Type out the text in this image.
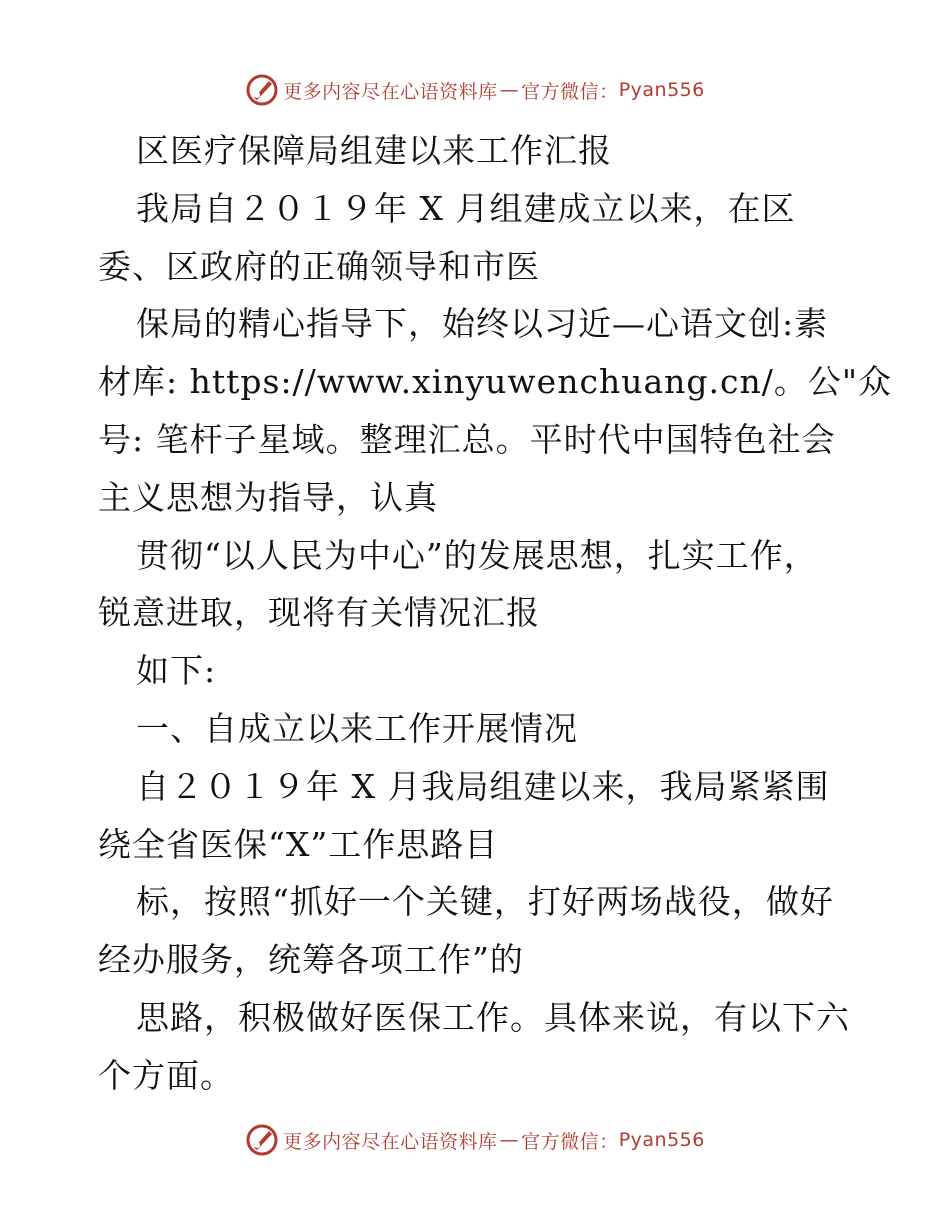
更多内容尽在心语资料库 — 官方微信： Pyan556
区医疗保障局组建以来工作汇报
我局自２０１９年 X 月组建成立以来，在区
委、区政府的正确领导和市医
保局的精心指导下，始终以习近—心语文创:素
材库: https://www.xinyuwenchuang.cn/。公"众
号: 笔杆子星域。整理汇总。平时代中国特色社会
主义思想为指导，认真
贯彻“以人民为中心”的发展思想，扎实工作，
锐意进取，现将有关情况汇报
如下:
一、自成立以来工作开展情况
自２０１９年 X 月我局组建以来，我局紧紧围
绕全省医保“X”工作思路目
标，按照“抓好一个关键，打好两场战役，做好
经办服务，统筹各项工作”的
思路，积极做好医保工作。具体来说，有以下六
个方面。
更多内容尽在心语资料库 — 官方微信： Pyan556
